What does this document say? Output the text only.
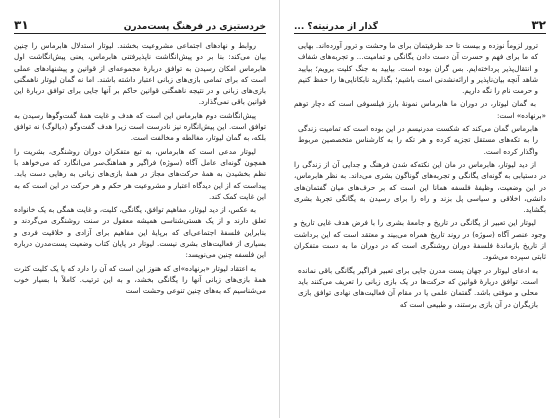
خردستیزی در فرهنگ پست‌مدرن
۳۱

روابط و نهادهای اجتماعی مشروعیت بخشند. لیوتار استدلال هابرماس را چنین بیان می‌کند: بنا بر دو پیش‌انگاشت ناپذیرفتنی هابرماس، یعنی پیش‌انگاشت اول هابرماس امکان رسیدن به توافق دربارهٔ مجموعه‌ای از قوانین و پیشنهادهای عملی است که برای تمامی بازی‌های زبانی اعتبار داشته باشند. اما نه گمان لیوتار ناهمگنی بازی‌های زبانی و در نتیجه ناهمگنی قوانین حاکم بر آنها جایی برای توافق دربارهٔ این قوانین باقی نمی‌گذارد.

پیش‌انگاشت دوم هابرماس این است که هدف و غایت همهٔ گفت‌وگوها رسیدن به توافق است. این پیش‌انگاره نیز نادرست است زیرا هدف گفت‌وگو (دیالوگ) نه توافق بلکه، به گمان لیوتار، مغالطه و مخالفت است.

لیوتار مدعی است که هابرماس، به تبع متفکران دوران روشنگری، بشریت را همچون گونه‌ای عامل آگاه (سوژه) فراگیر و هماهنگ‌سر می‌انگارد که می‌خواهد با نظم بخشیدن به همهٔ حرکت‌های مجاز در همهٔ بازی‌های زبانی به رهایی دست یابد. پیداست که از این دیدگاه اعتبار و مشروعیت هر حکم و هر حرکت در این است که به این غایت کمک کند.

به عکس، از دید لیوتار، مفاهیم توافق، یگانگی، کلیت، و غایت همگی به یک خانواده تعلق دارند و از یک هستی‌شناسی همیشه معقول در سنت روشنگری می‌گردند و بنابراین فلسفهٔ اجتماعی‌ای که برپایهٔ این مفاهیم برای آزادی و خلاقیت فردی و بسیاری از فعالیت‌های بشری نیست. لیوتار در پایان کتاب وضعیت پست‌مدرن درباره این فلسفه چنین می‌نویسد:

به اعتقاد لیوتار «برنهاده»ای که هنوز این است که آن را دارد که یا یک کلیت کثرت همهٔ بازی‌های زبانی آنها را یگانگی بخشد، و به این ترتیب. کاملاً با بسیار خوب می‌شناسیم که به‌های چنین تنوعی وحشت است

۳۲
گذار از مدرنیته؟ ...

ترور لزوماً نوزده و بیست تا حد ظرفیتمان برای ما وحشت و ترور آورده‌اند. بهایی که ما برای فهم و حسرت آن دست دادن یگانگی و تمامیت... و تجربه‌های شفاف و انتقال‌پذیر پرداخته‌ایم. بس گران بوده است. بیایید به جنگ کلیت برویم؛ بیایید شاهد آنچه بیان‌ناپذیر و ارائه‌نشدنی است باشیم؛ بگذارید نابکانایی‌ها را حفظ کنیم و حرمت نام را نگه داریم.

به گمان لیوتار، در دوران ما هابرماس نمونهٔ بارز فیلسوفی است که دچار توهم «برنهاده» است:

هابرماس گمان می‌کند که شکست مدرنیسم در این بوده است که تمامیت زندگی را به تکه‌های مستقل تجزیه کرده و هر تکه را به کارشناس متخصصین مربوط واگذار کرده است.

از دید لیوتار، هابرماس در مان این نکته‌که شدن فرهنگ و جدایی آن از زندگی را در دستیابی به گونه‌ای یگانگی و تجربه‌های گوناگون بشری می‌داند. به نظر هابرماس، در این وضعیت، وظیفهٔ فلسفه همانا این است که بر حرف‌های میان گفتمان‌های دانشی، اخلاقی و سیاسی پل بزند و راه را برای رسیدن به یگانگی تجربهٔ بشری بگشاید.

لیوتار این تعبیر از یگانگی در تاریخ و جامعهٔ بشری را با فرض هدف غایی تاریخ و وجود عنصر آگاه (سوژه) در روند تاریخ همراه می‌بیند و معتقد است که این برداشت از تاریخ بازماندهٔ فلسفهٔ دوران روشنگری است که در دوران ما به دست متفکران ثابتی سپرده می‌شود.

به ادعای لیوتار در جهان پست مدرن جایی برای تعبیر فراگیر یگانگی باقی نمانده است. توافق دربارهٔ قوانین که حرکت‌ها در یک بازی زبانی را تعریف می‌کنند باید محلی و موقتی باشد. گفتمان علمی یا در مقام آن فعالیت‌های نهادی توافق بازی بازیگران در آن بازی برستند، و طبیعی است که
